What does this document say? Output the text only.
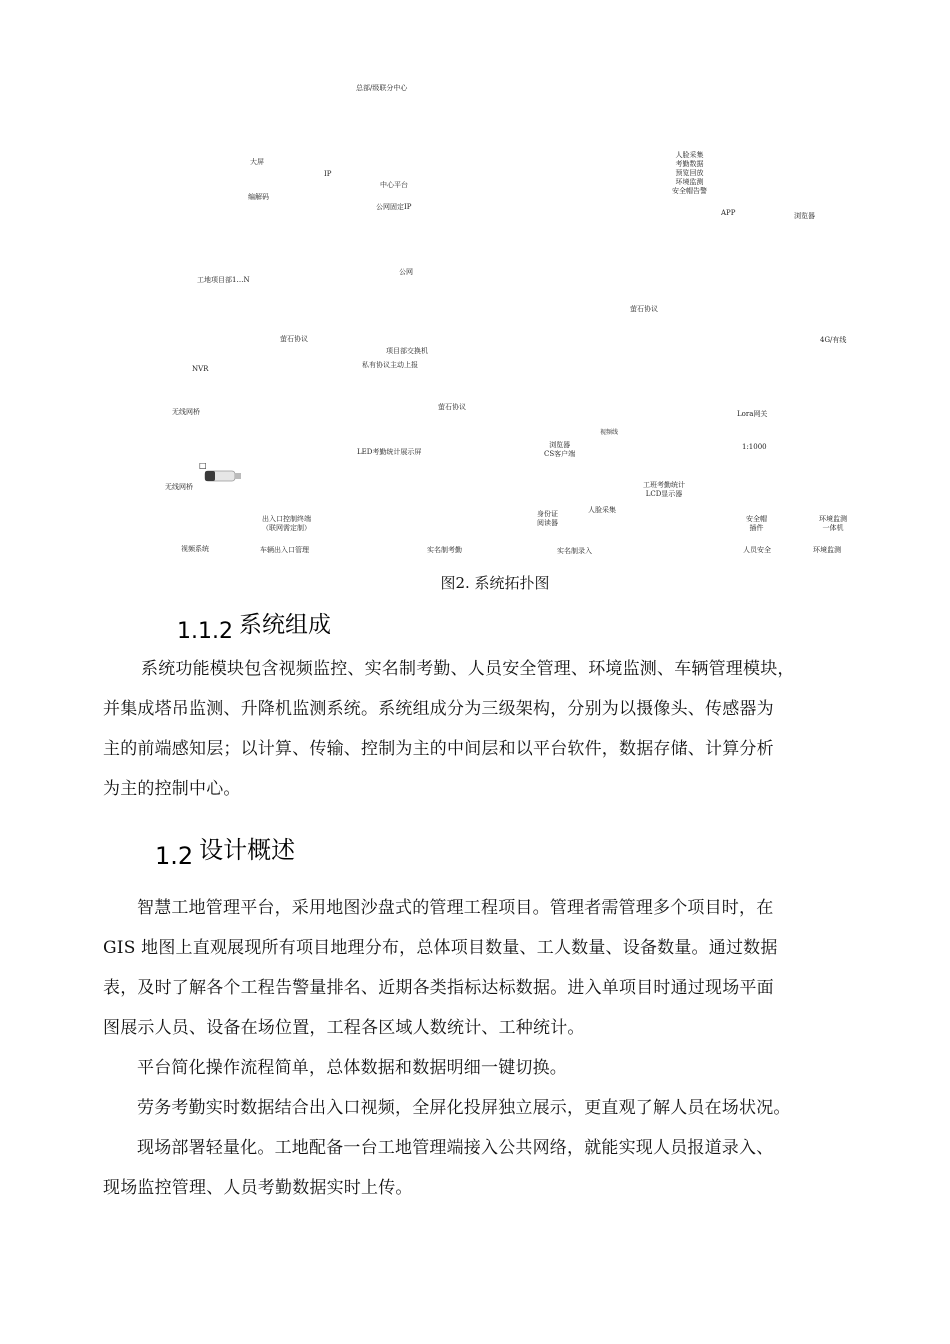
总部/级联分中心
大屏
IP
编解码
中心平台
公网固定IP
人脸采集
考勤数据
预览回放
环境监测
安全帽告警
APP	浏览器
工地项目部1…N
公网
萤石协议
萤石协议	4G/有线
项目部交换机
私有协议主动上报
NVR
无线网桥
萤石协议
Lora网关
视频线
浏览器
CS客户端
LED考勤统计展示屏
1:1000
□
无线网桥	工班考勤统计
LCD显示器
出入口控制终端
（联网需定制）
身份证
阅读器
人脸采集
安全帽
插件
环境监测
一体机
视频系统	车辆出入口管理	实名制考勤	实名制录入	人员安全	环境监测
图2. 系统拓扑图
1.1.2 系统组成
系统功能模块包含视频监控、实名制考勤、人员安全管理、环境监测、车辆管理模块，
并集成塔吊监测、升降机监测系统。系统组成分为三级架构，分别为以摄像头、传感器为
主的前端感知层；以计算、传输、控制为主的中间层和以平台软件，数据存储、计算分析
为主的控制中心。
1.2 设计概述
智慧工地管理平台，采用地图沙盘式的管理工程项目。管理者需管理多个项目时，在
GIS 地图上直观展现所有项目地理分布，总体项目数量、工人数量、设备数量。通过数据
表，及时了解各个工程告警量排名、近期各类指标达标数据。进入单项目时通过现场平面
图展示人员、设备在场位置，工程各区域人数统计、工种统计。
平台简化操作流程简单，总体数据和数据明细一键切换。
劳务考勤实时数据结合出入口视频，全屏化投屏独立展示，更直观了解人员在场状况。
现场部署轻量化。工地配备一台工地管理端接入公共网络，就能实现人员报道录入、
现场监控管理、人员考勤数据实时上传。
